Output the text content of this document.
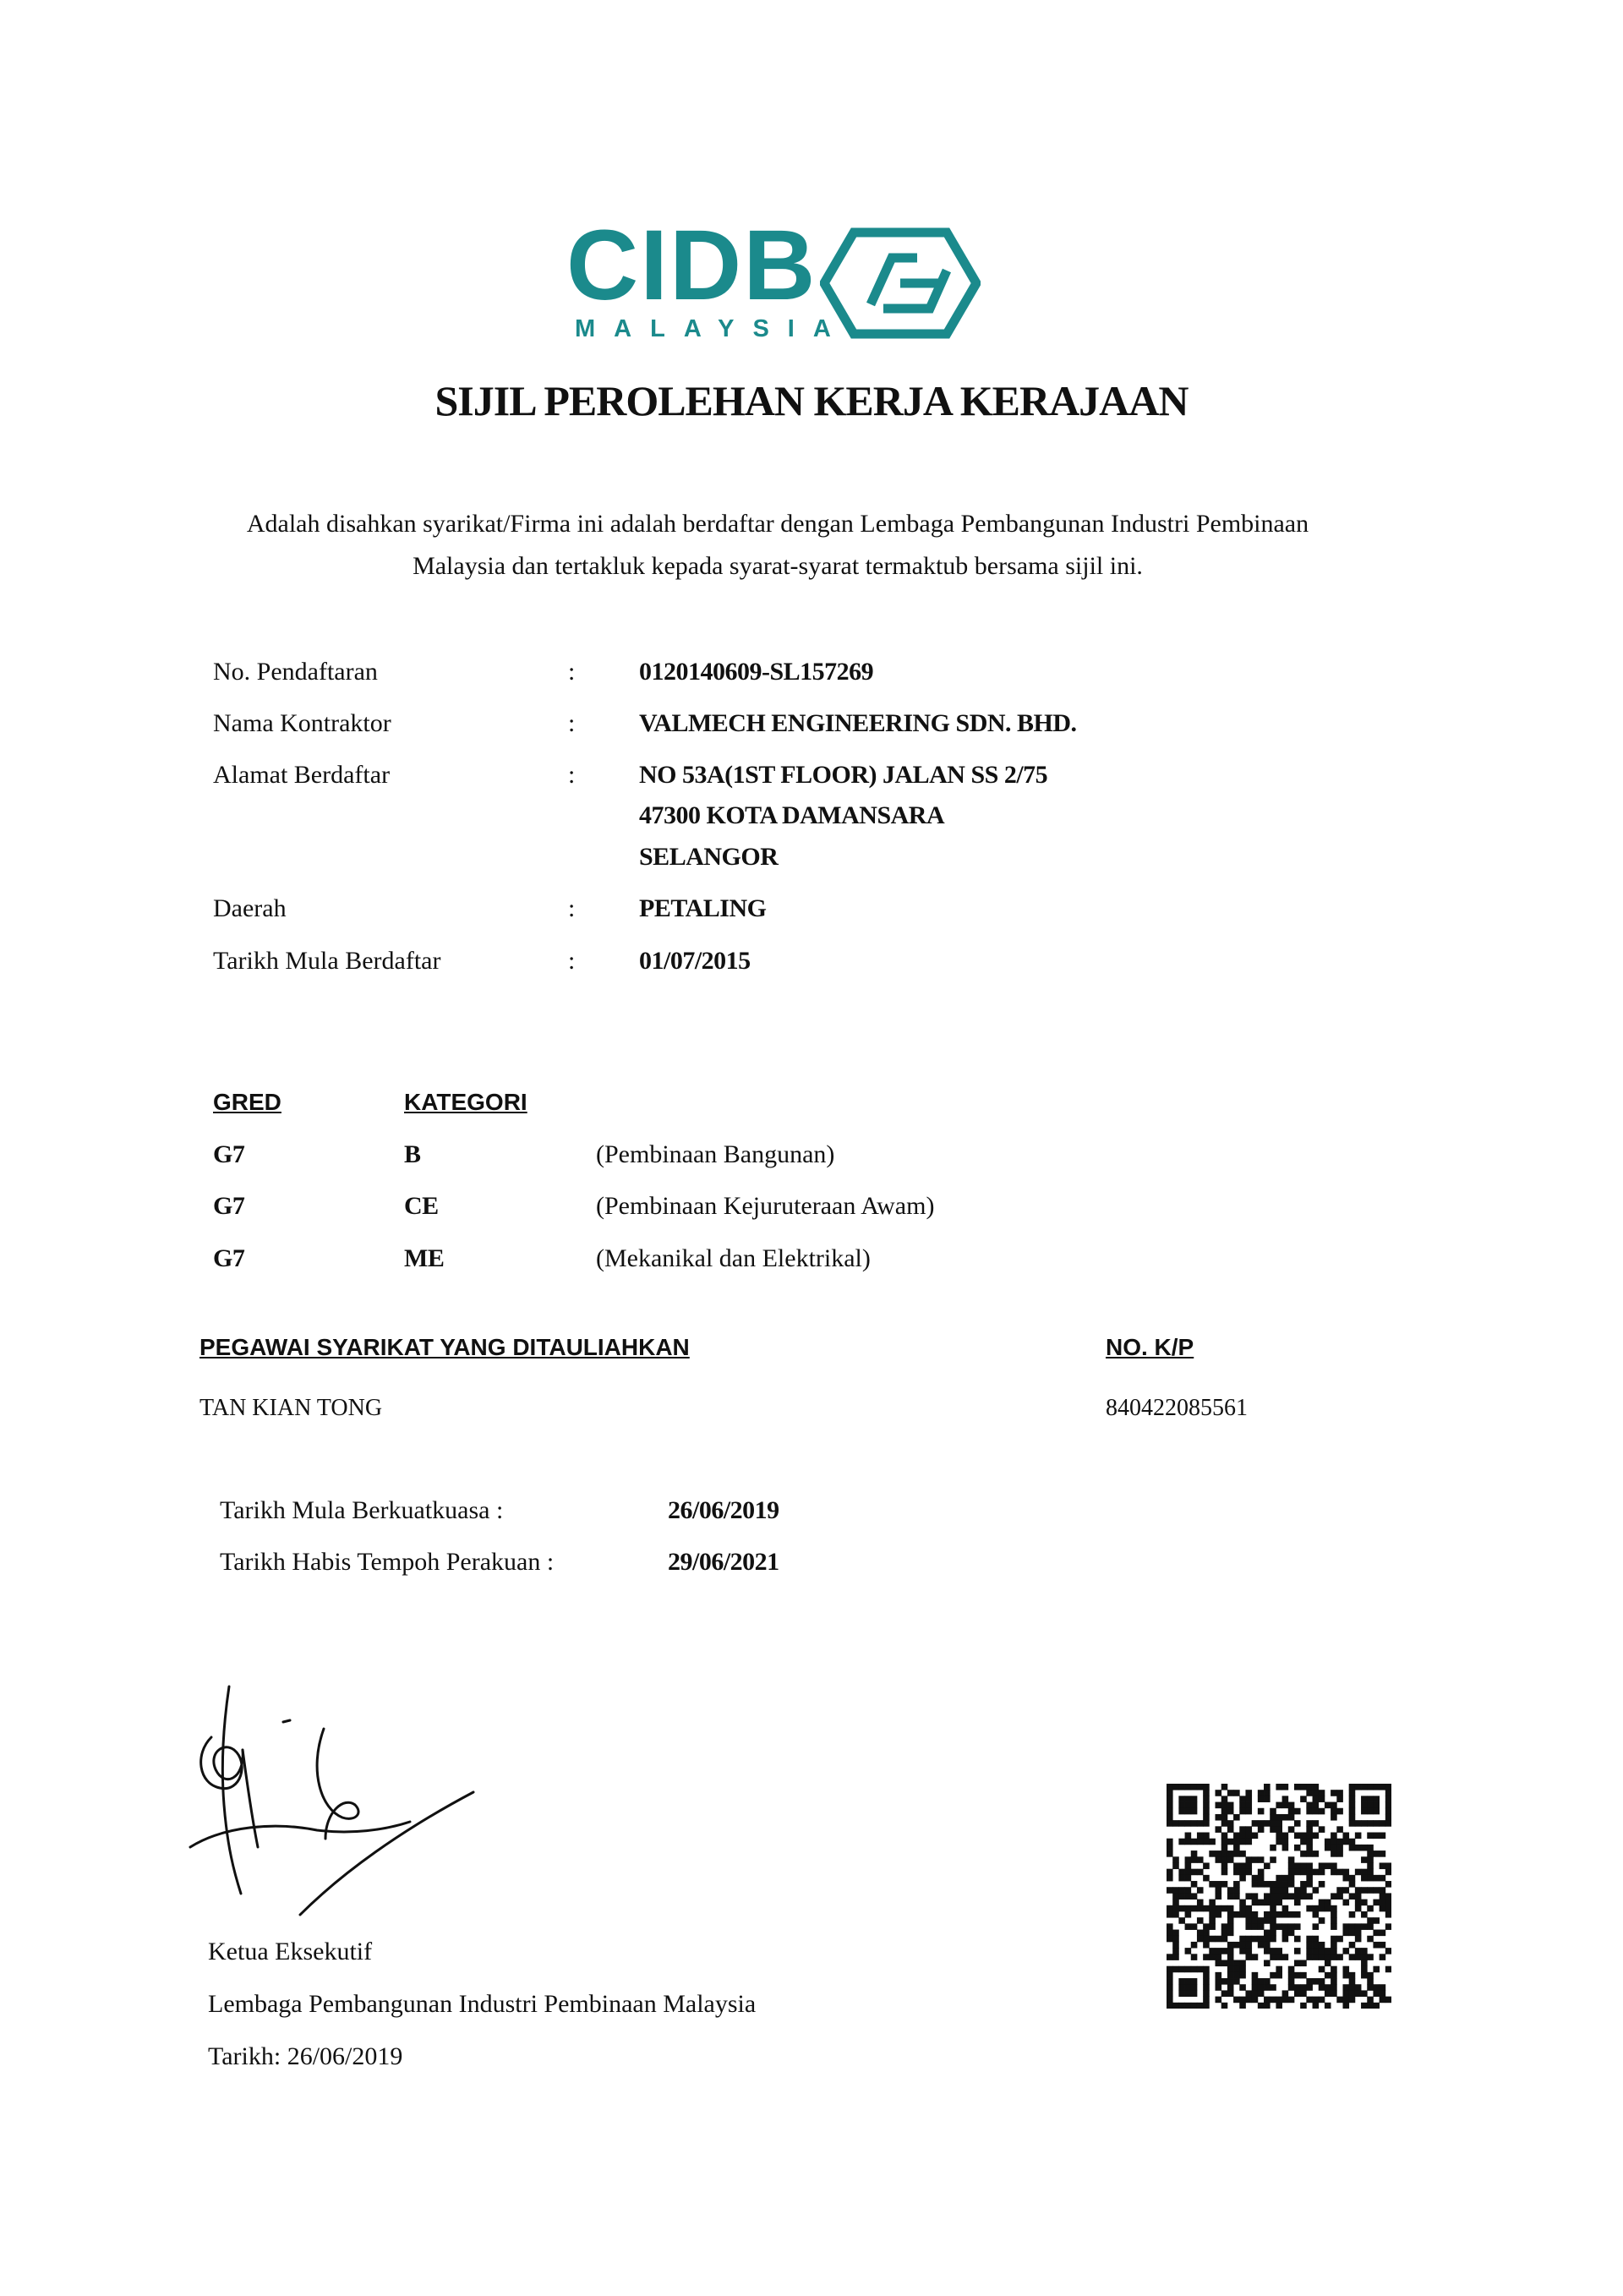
CIDB
MALAYSIA
SIJIL PEROLEHAN KERJA KERAJAAN
Adalah disahkan syarikat/Firma ini adalah berdaftar dengan Lembaga Pembangunan Industri Pembinaan
Malaysia dan tertakluk kepada syarat-syarat termaktub bersama sijil ini.
No. Pendaftaran	:	0120140609-SL157269
Nama Kontraktor	:	VALMECH ENGINEERING SDN. BHD.
Alamat Berdaftar	:	NO 53A(1ST FLOOR) JALAN SS 2/75
47300 KOTA DAMANSARA
SELANGOR
Daerah	:	PETALING
Tarikh Mula Berdaftar	:	01/07/2015
GRED	KATEGORI
G7	B	(Pembinaan Bangunan)
G7	CE	(Pembinaan Kejuruteraan Awam)
G7	ME	(Mekanikal dan Elektrikal)
PEGAWAI SYARIKAT YANG DITAULIAHKAN	NO. K/P
TAN KIAN TONG	840422085561
Tarikh Mula Berkuatkuasa :	26/06/2019
Tarikh Habis Tempoh Perakuan :	29/06/2021
Ketua Eksekutif
Lembaga Pembangunan Industri Pembinaan Malaysia
Tarikh: 26/06/2019
